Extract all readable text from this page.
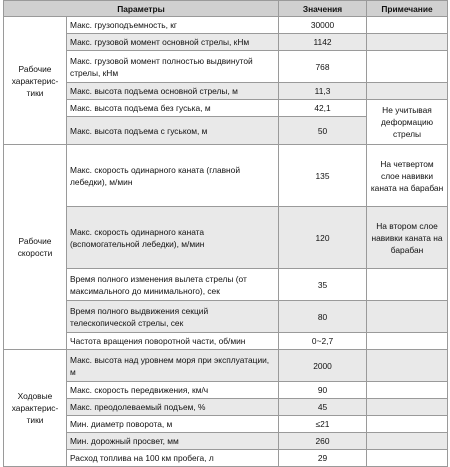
Параметры		Значения	Примечание
Рабочие характерис-тики	Макс. грузоподъемность, кг	30000	
	Макс. грузовой момент основной стрелы, кНм	1142	
	Макс. грузовой момент полностью выдвинутой стрелы, кНм	768	
	Макс. высота подъема основной стрелы, м	11,3	
	Макс. высота подъема без гуська, м	42,1	Не учитывая деформацию стрелы
	Макс. высота подъема с гуськом, м	50	
Рабочие скорости	Макс. скорость одинарного каната (главной лебедки), м/мин	135	На четвертом слое навивки каната на барабан
	Макс. скорость одинарного каната (вспомогательной лебедки), м/мин	120	На втором слое навивки каната на барабан
	Время полного изменения вылета стрелы (от максимального до минимального), сек	35	
	Время полного выдвижения секций телескопической стрелы, сек	80	
	Частота вращения поворотной части, об/мин	0~2,7	
Ходовые характерис-тики	Макс. высота над уровнем моря при эксплуатации, м	2000	
	Макс. скорость передвижения, км/ч	90	
	Макс. преодолеваемый подъем, %	45	
	Мин. диаметр поворота, м	≤21	
	Мин. дорожный просвет, мм	260	
	Расход топлива на 100 км пробега, л	29	
